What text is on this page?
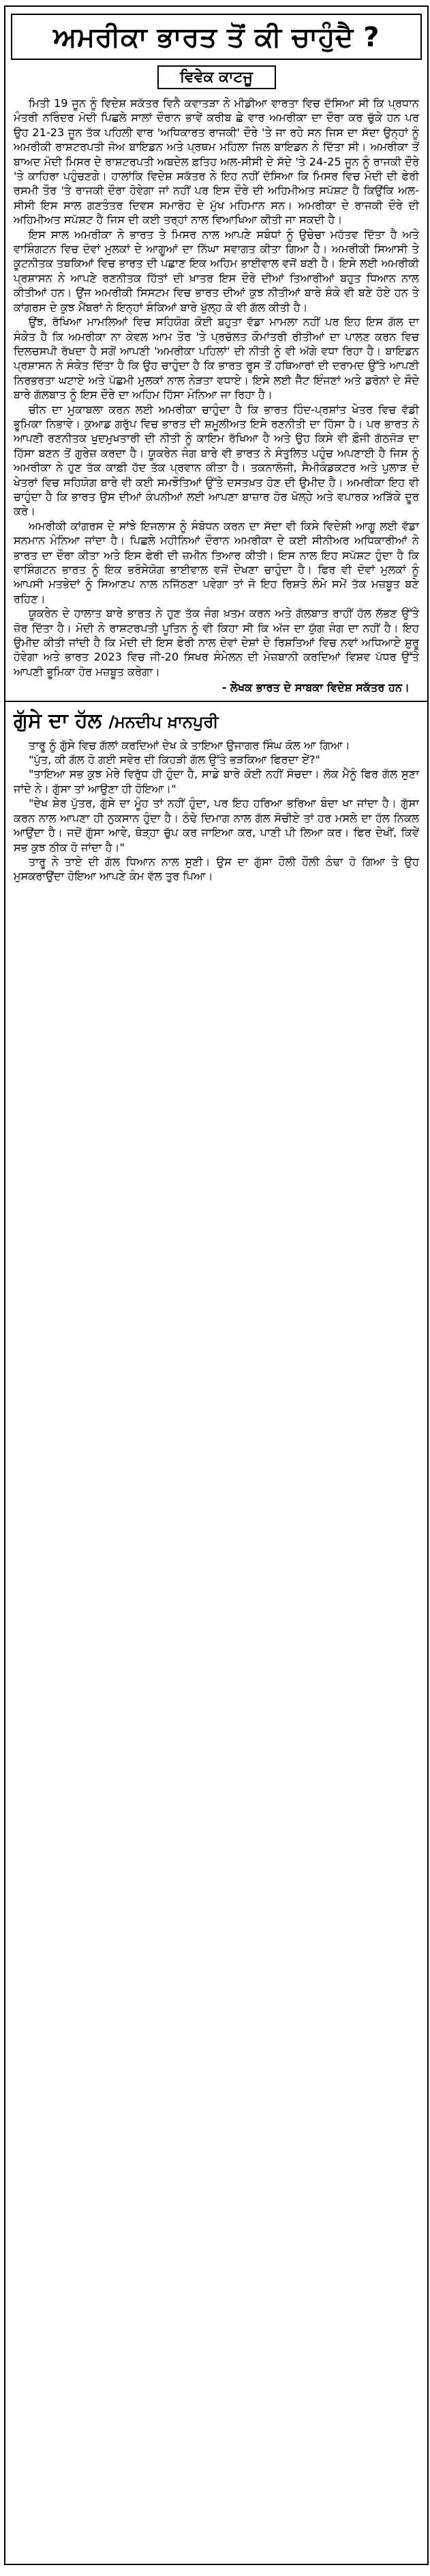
ਅਮਰੀਕਾ ਭਾਰਤ ਤੋਂ ਕੀ ਚਾਹੁੰਦੈ ?
ਵਿਵੇਕ ਕਾਟਜੂ

ਮਿਤੀ 19 ਜੂਨ ਨੂੰ ਵਿਦੇਸ਼ ਸਕੱਤਰ ਵਿਨੈ ਕਵਾਤੜਾ ਨੇ ਮੀਡੀਆ ਵਾਰਤਾ ਵਿਚ ਦੱਸਿਆ ਸੀ ਕਿ ਪ੍ਰਧਾਨ ਮੰਤਰੀ ਨਰਿੰਦਰ ਮੋਦੀ ਪਿਛਲੇ ਸਾਲਾਂ ਦੌਰਾਨ ਭਾਵੇਂ ਕਰੀਬ ਛੇ ਵਾਰ ਅਮਰੀਕਾ ਦਾ ਦੌਰਾ ਕਰ ਚੁੱਕੇ ਹਨ ਪਰ ਉਹ 21-23 ਜੂਨ ਤੱਕ ਪਹਿਲੀ ਵਾਰ 'ਅਧਿਕਾਰਤ ਰਾਜਕੀ' ਦੌਰੇ 'ਤੇ ਜਾ ਰਹੇ ਸਨ ਜਿਸ ਦਾ ਸੱਦਾ ਉਨ੍ਹਾਂ ਨੂੰ ਅਮਰੀਕੀ ਰਾਸ਼ਟਰਪਤੀ ਜੋਅ ਬਾਇਡਨ ਅਤੇ ਪ੍ਰਥਮ ਮਹਿਲਾ ਜਿਲ ਬਾਇਡਨ ਨੇ ਦਿੱਤਾ ਸੀ। ਅਮਰੀਕਾ ਤੋਂ ਬਾਅਦ ਮੋਦੀ ਮਿਸਰ ਦੇ ਰਾਸ਼ਟਰਪਤੀ ਅਬਦੇਲ ਫ਼ਤਿਹ ਅਲ-ਸੀਸੀ ਦੇ ਸੱਦੇ 'ਤੇ 24-25 ਜੂਨ ਨੂੰ ਰਾਜਕੀ ਦੌਰੇ 'ਤੇ ਕਾਹਿਰਾ ਪਹੁੰਚਣਗੇ। ਹਾਲਾਂਕਿ ਵਿਦੇਸ਼ ਸਕੱਤਰ ਨੇ ਇਹ ਨਹੀਂ ਦੱਸਿਆ ਕਿ ਮਿਸਰ ਵਿਚ ਮੋਦੀ ਦੀ ਫੇਰੀ ਰਸਮੀ ਤੌਰ 'ਤੇ ਰਾਜਕੀ ਦੌਰਾ ਹੋਵੇਗਾ ਜਾਂ ਨਹੀਂ ਪਰ ਇਸ ਦੌਰੇ ਦੀ ਅਹਿਮੀਅਤ ਸਪੱਸ਼ਟ ਹੈ ਕਿਉਂਕਿ ਅਲ-ਸੀਸੀ ਇਸ ਸਾਲ ਗਣਤੰਤਰ ਦਿਵਸ ਸਮਾਰੋਹ ਦੇ ਮੁੱਖ ਮਹਿਮਾਨ ਸਨ। ਅਮਰੀਕਾ ਦੇ ਰਾਜਕੀ ਦੌਰੇ ਦੀ ਅਹਿਮੀਅਤ ਸਪੱਸ਼ਟ ਹੈ ਜਿਸ ਦੀ ਕਈ ਤਰ੍ਹਾਂ ਨਾਲ ਵਿਆਖਿਆ ਕੀਤੀ ਜਾ ਸਕਦੀ ਹੈ।

ਇਸ ਸਾਲ ਅਮਰੀਕਾ ਨੇ ਭਾਰਤ ਤੇ ਮਿਸਰ ਨਾਲ ਆਪਣੇ ਸਬੰਧਾਂ ਨੂੰ ਉਚੇਚਾ ਮਹੱਤਵ ਦਿੱਤਾ ਹੈ ਅਤੇ ਵਾਸ਼ਿੰਗਟਨ ਵਿਚ ਦੋਵਾਂ ਮੁਲਕਾਂ ਦੇ ਆਗੂਆਂ ਦਾ ਨਿੱਘਾ ਸਵਾਗਤ ਕੀਤਾ ਗਿਆ ਹੈ। ਅਮਰੀਕੀ ਸਿਆਸੀ ਤੇ ਕੂਟਨੀਤਕ ਤਬਕਿਆਂ ਵਿਚ ਭਾਰਤ ਦੀ ਪਛਾਣ ਇਕ ਅਹਿਮ ਭਾਈਵਾਲ ਵਜੋਂ ਬਣੀ ਹੈ। ਇਸੇ ਲਈ ਅਮਰੀਕੀ ਪ੍ਰਸ਼ਾਸਨ ਨੇ ਆਪਣੇ ਰਣਨੀਤਕ ਹਿੱਤਾਂ ਦੀ ਖ਼ਾਤਰ ਇਸ ਦੌਰੇ ਦੀਆਂ ਤਿਆਰੀਆਂ ਬਹੁਤ ਧਿਆਨ ਨਾਲ ਕੀਤੀਆਂ ਹਨ। ਉਂਜ ਅਮਰੀਕੀ ਸਿਸਟਮ ਵਿਚ ਭਾਰਤ ਦੀਆਂ ਕੁਝ ਨੀਤੀਆਂ ਬਾਰੇ ਸ਼ੰਕੇ ਵੀ ਬਣੇ ਹੋਏ ਹਨ ਤੇ ਕਾਂਗਰਸ ਦੇ ਕੁਝ ਮੈਂਬਰਾਂ ਨੇ ਇਨ੍ਹਾਂ ਸ਼ੰਕਿਆਂ ਬਾਰੇ ਖੁੱਲ੍ਹ ਕੇ ਵੀ ਗੱਲ ਕੀਤੀ ਹੈ।

ਉਂਝ, ਰੱਖਿਆ ਮਾਮਲਿਆਂ ਵਿਚ ਸਹਿਯੋਗ ਕੋਈ ਬਹੁਤਾ ਵੱਡਾ ਮਾਮਲਾ ਨਹੀਂ ਪਰ ਇਹ ਇਸ ਗੱਲ ਦਾ ਸੰਕੇਤ ਹੈ ਕਿ ਅਮਰੀਕਾ ਨਾ ਕੇਵਲ ਆਮ ਤੌਰ 'ਤੇ ਪ੍ਰਚੱਲਤ ਕੌਮਾਂਤਰੀ ਰੀਤੀਆਂ ਦਾ ਪਾਲਣ ਕਰਨ ਵਿਚ ਦਿਲਚਸਪੀ ਰੱਖਦਾ ਹੈ ਸਗੋਂ ਆਪਣੀ 'ਅਮਰੀਕਾ ਪਹਿਲਾਂ' ਦੀ ਨੀਤੀ ਨੂੰ ਵੀ ਅੱਗੇ ਵਧਾ ਰਿਹਾ ਹੈ। ਬਾਇਡਨ ਪ੍ਰਸ਼ਾਸਨ ਨੇ ਸੰਕੇਤ ਦਿੱਤਾ ਹੈ ਕਿ ਉਹ ਚਾਹੁੰਦਾ ਹੈ ਕਿ ਭਾਰਤ ਰੂਸ ਤੋਂ ਹਥਿਆਰਾਂ ਦੀ ਦਰਾਮਦ ਉੱਤੇ ਆਪਣੀ ਨਿਰਭਰਤਾ ਘਟਾਏ ਅਤੇ ਪੱਛਮੀ ਮੁਲਕਾਂ ਨਾਲ ਨੇੜਤਾ ਵਧਾਏ। ਇਸੇ ਲਈ ਜੈੱਟ ਇੰਜਣਾਂ ਅਤੇ ਡਰੋਨਾਂ ਦੇ ਸੌਦੇ ਬਾਰੇ ਗੱਲਬਾਤ ਨੂੰ ਇਸ ਦੌਰੇ ਦਾ ਅਹਿਮ ਹਿੱਸਾ ਮੰਨਿਆ ਜਾ ਰਿਹਾ ਹੈ।

ਚੀਨ ਦਾ ਮੁਕਾਬਲਾ ਕਰਨ ਲਈ ਅਮਰੀਕਾ ਚਾਹੁੰਦਾ ਹੈ ਕਿ ਭਾਰਤ ਹਿੰਦ-ਪ੍ਰਸ਼ਾਂਤ ਖੇਤਰ ਵਿਚ ਵੱਡੀ ਭੂਮਿਕਾ ਨਿਭਾਵੇ। ਕੁਆਡ ਗਰੁੱਪ ਵਿਚ ਭਾਰਤ ਦੀ ਸ਼ਮੂਲੀਅਤ ਇਸੇ ਰਣਨੀਤੀ ਦਾ ਹਿੱਸਾ ਹੈ। ਪਰ ਭਾਰਤ ਨੇ ਆਪਣੀ ਰਣਨੀਤਕ ਖੁਦਮੁਖਤਾਰੀ ਦੀ ਨੀਤੀ ਨੂੰ ਕਾਇਮ ਰੱਖਿਆ ਹੈ ਅਤੇ ਉਹ ਕਿਸੇ ਵੀ ਫ਼ੌਜੀ ਗੱਠਜੋੜ ਦਾ ਹਿੱਸਾ ਬਣਨ ਤੋਂ ਗੁਰੇਜ਼ ਕਰਦਾ ਹੈ। ਯੂਕਰੇਨ ਜੰਗ ਬਾਰੇ ਵੀ ਭਾਰਤ ਨੇ ਸੰਤੁਲਿਤ ਪਹੁੰਚ ਅਪਣਾਈ ਹੈ ਜਿਸ ਨੂੰ ਅਮਰੀਕਾ ਨੇ ਹੁਣ ਤੱਕ ਕਾਫ਼ੀ ਹੱਦ ਤੱਕ ਪ੍ਰਵਾਨ ਕੀਤਾ ਹੈ। ਤਕਨਾਲੋਜੀ, ਸੈਮੀਕੰਡਕਟਰ ਅਤੇ ਪੁਲਾੜ ਦੇ ਖੇਤਰਾਂ ਵਿਚ ਸਹਿਯੋਗ ਬਾਰੇ ਵੀ ਕਈ ਸਮਝੌਤਿਆਂ ਉੱਤੇ ਦਸਤਖ਼ਤ ਹੋਣ ਦੀ ਉਮੀਦ ਹੈ। ਅਮਰੀਕਾ ਇਹ ਵੀ ਚਾਹੁੰਦਾ ਹੈ ਕਿ ਭਾਰਤ ਉਸ ਦੀਆਂ ਕੰਪਨੀਆਂ ਲਈ ਆਪਣਾ ਬਾਜ਼ਾਰ ਹੋਰ ਖੋਲ੍ਹੇ ਅਤੇ ਵਪਾਰਕ ਅੜਿੱਕੇ ਦੂਰ ਕਰੇ।

ਅਮਰੀਕੀ ਕਾਂਗਰਸ ਦੇ ਸਾਂਝੇ ਇਜਲਾਸ ਨੂੰ ਸੰਬੋਧਨ ਕਰਨ ਦਾ ਸੱਦਾ ਵੀ ਕਿਸੇ ਵਿਦੇਸ਼ੀ ਆਗੂ ਲਈ ਵੱਡਾ ਸਨਮਾਨ ਮੰਨਿਆ ਜਾਂਦਾ ਹੈ। ਪਿਛਲੇ ਮਹੀਨਿਆਂ ਦੌਰਾਨ ਅਮਰੀਕਾ ਦੇ ਕਈ ਸੀਨੀਅਰ ਅਧਿਕਾਰੀਆਂ ਨੇ ਭਾਰਤ ਦਾ ਦੌਰਾ ਕੀਤਾ ਅਤੇ ਇਸ ਫੇਰੀ ਦੀ ਜ਼ਮੀਨ ਤਿਆਰ ਕੀਤੀ। ਇਸ ਨਾਲ ਇਹ ਸਪੱਸ਼ਟ ਹੁੰਦਾ ਹੈ ਕਿ ਵਾਸ਼ਿੰਗਟਨ ਭਾਰਤ ਨੂੰ ਇਕ ਭਰੋਸੇਯੋਗ ਭਾਈਵਾਲ ਵਜੋਂ ਦੇਖਣਾ ਚਾਹੁੰਦਾ ਹੈ। ਫਿਰ ਵੀ ਦੋਵਾਂ ਮੁਲਕਾਂ ਨੂੰ ਆਪਸੀ ਮਤਭੇਦਾਂ ਨੂੰ ਸਿਆਣਪ ਨਾਲ ਨਜਿੱਠਣਾ ਪਵੇਗਾ ਤਾਂ ਜੋ ਇਹ ਰਿਸ਼ਤੇ ਲੰਮੇ ਸਮੇਂ ਤੱਕ ਮਜ਼ਬੂਤ ਬਣੇ ਰਹਿਣ।

ਯੂਕਰੇਨ ਦੇ ਹਾਲਾਤ ਬਾਰੇ ਭਾਰਤ ਨੇ ਹੁਣ ਤੱਕ ਜੰਗ ਖ਼ਤਮ ਕਰਨ ਅਤੇ ਗੱਲਬਾਤ ਰਾਹੀਂ ਹੱਲ ਲੱਭਣ ਉੱਤੇ ਜ਼ੋਰ ਦਿੱਤਾ ਹੈ। ਮੋਦੀ ਨੇ ਰਾਸ਼ਟਰਪਤੀ ਪੂਤਿਨ ਨੂੰ ਵੀ ਕਿਹਾ ਸੀ ਕਿ ਅੱਜ ਦਾ ਯੁੱਗ ਜੰਗ ਦਾ ਨਹੀਂ ਹੈ। ਇਹ ਉਮੀਦ ਕੀਤੀ ਜਾਂਦੀ ਹੈ ਕਿ ਮੋਦੀ ਦੀ ਇਸ ਫੇਰੀ ਨਾਲ ਦੋਵਾਂ ਦੇਸ਼ਾਂ ਦੇ ਰਿਸ਼ਤਿਆਂ ਵਿਚ ਨਵਾਂ ਅਧਿਆਏ ਸ਼ੁਰੂ ਹੋਵੇਗਾ ਅਤੇ ਭਾਰਤ 2023 ਵਿਚ ਜੀ-20 ਸਿਖਰ ਸੰਮੇਲਨ ਦੀ ਮੇਜ਼ਬਾਨੀ ਕਰਦਿਆਂ ਵਿਸ਼ਵ ਪੱਧਰ ਉੱਤੇ ਆਪਣੀ ਭੂਮਿਕਾ ਹੋਰ ਮਜ਼ਬੂਤ ਕਰੇਗਾ।

- ਲੇਖਕ ਭਾਰਤ ਦੇ ਸਾਬਕਾ ਵਿਦੇਸ਼ ਸਕੱਤਰ ਹਨ।
ਗੁੱਸੇ ਦਾ ਹੱਲ /ਮਨਦੀਪ ਖ਼ਾਨਪੁਰੀ

ਤਾਰੂ ਨੂੰ ਗੁੱਸੇ ਵਿਚ ਗੱਲਾਂ ਕਰਦਿਆਂ ਦੇਖ ਕੇ ਤਾਇਆ ਉਜਾਗਰ ਸਿੰਘ ਕੋਲ ਆ ਗਿਆ।

"ਪੁੱਤ, ਕੀ ਗੱਲ ਹੋ ਗਈ ਸਵੇਰ ਦੀ ਕਿਹੜੀ ਗੱਲ ਉੱਤੇ ਭੜਕਿਆ ਫਿਰਦਾ ਏਂ?"

"ਤਾਇਆ ਸਭ ਕੁਝ ਮੇਰੇ ਵਿਰੁੱਧ ਹੀ ਹੁੰਦਾ ਹੈ, ਸਾਡੇ ਬਾਰੇ ਕੋਈ ਨਹੀਂ ਸੋਚਦਾ। ਲੋਕ ਮੈਨੂੰ ਫਿਰ ਗੱਲ ਸੁਣਾ ਜਾਂਦੇ ਨੇ। ਗੁੱਸਾ ਤਾਂ ਆਉਣਾ ਹੀ ਹੋਇਆ।"

"ਦੇਖ ਸ਼ੇਰ ਪੁੱਤਰ, ਗੁੱਸੇ ਦਾ ਮੂੰਹ ਤਾਂ ਨਹੀਂ ਹੁੰਦਾ, ਪਰ ਇਹ ਹਰਿਆ ਭਰਿਆ ਬੰਦਾ ਖਾ ਜਾਂਦਾ ਹੈ। ਗੁੱਸਾ ਕਰਨ ਨਾਲ ਆਪਣਾ ਹੀ ਨੁਕਸਾਨ ਹੁੰਦਾ ਹੈ। ਠੰਢੇ ਦਿਮਾਗ ਨਾਲ ਗੱਲ ਸੋਚੀਏ ਤਾਂ ਹਰ ਮਸਲੇ ਦਾ ਹੱਲ ਨਿਕਲ ਆਉਂਦਾ ਹੈ। ਜਦੋਂ ਗੁੱਸਾ ਆਵੇ, ਥੋੜ੍ਹਾ ਚੁੱਪ ਕਰ ਜਾਇਆ ਕਰ, ਪਾਣੀ ਪੀ ਲਿਆ ਕਰ। ਫਿਰ ਦੇਖੀਂ, ਕਿਵੇਂ ਸਭ ਕੁਝ ਠੀਕ ਹੋ ਜਾਂਦਾ ਹੈ।"

ਤਾਰੂ ਨੇ ਤਾਏ ਦੀ ਗੱਲ ਧਿਆਨ ਨਾਲ ਸੁਣੀ। ਉਸ ਦਾ ਗੁੱਸਾ ਹੌਲੀ ਹੌਲੀ ਠੰਢਾ ਹੋ ਗਿਆ ਤੇ ਉਹ ਮੁਸਕਰਾਉਂਦਾ ਹੋਇਆ ਆਪਣੇ ਕੰਮ ਵੱਲ ਤੁਰ ਪਿਆ।
